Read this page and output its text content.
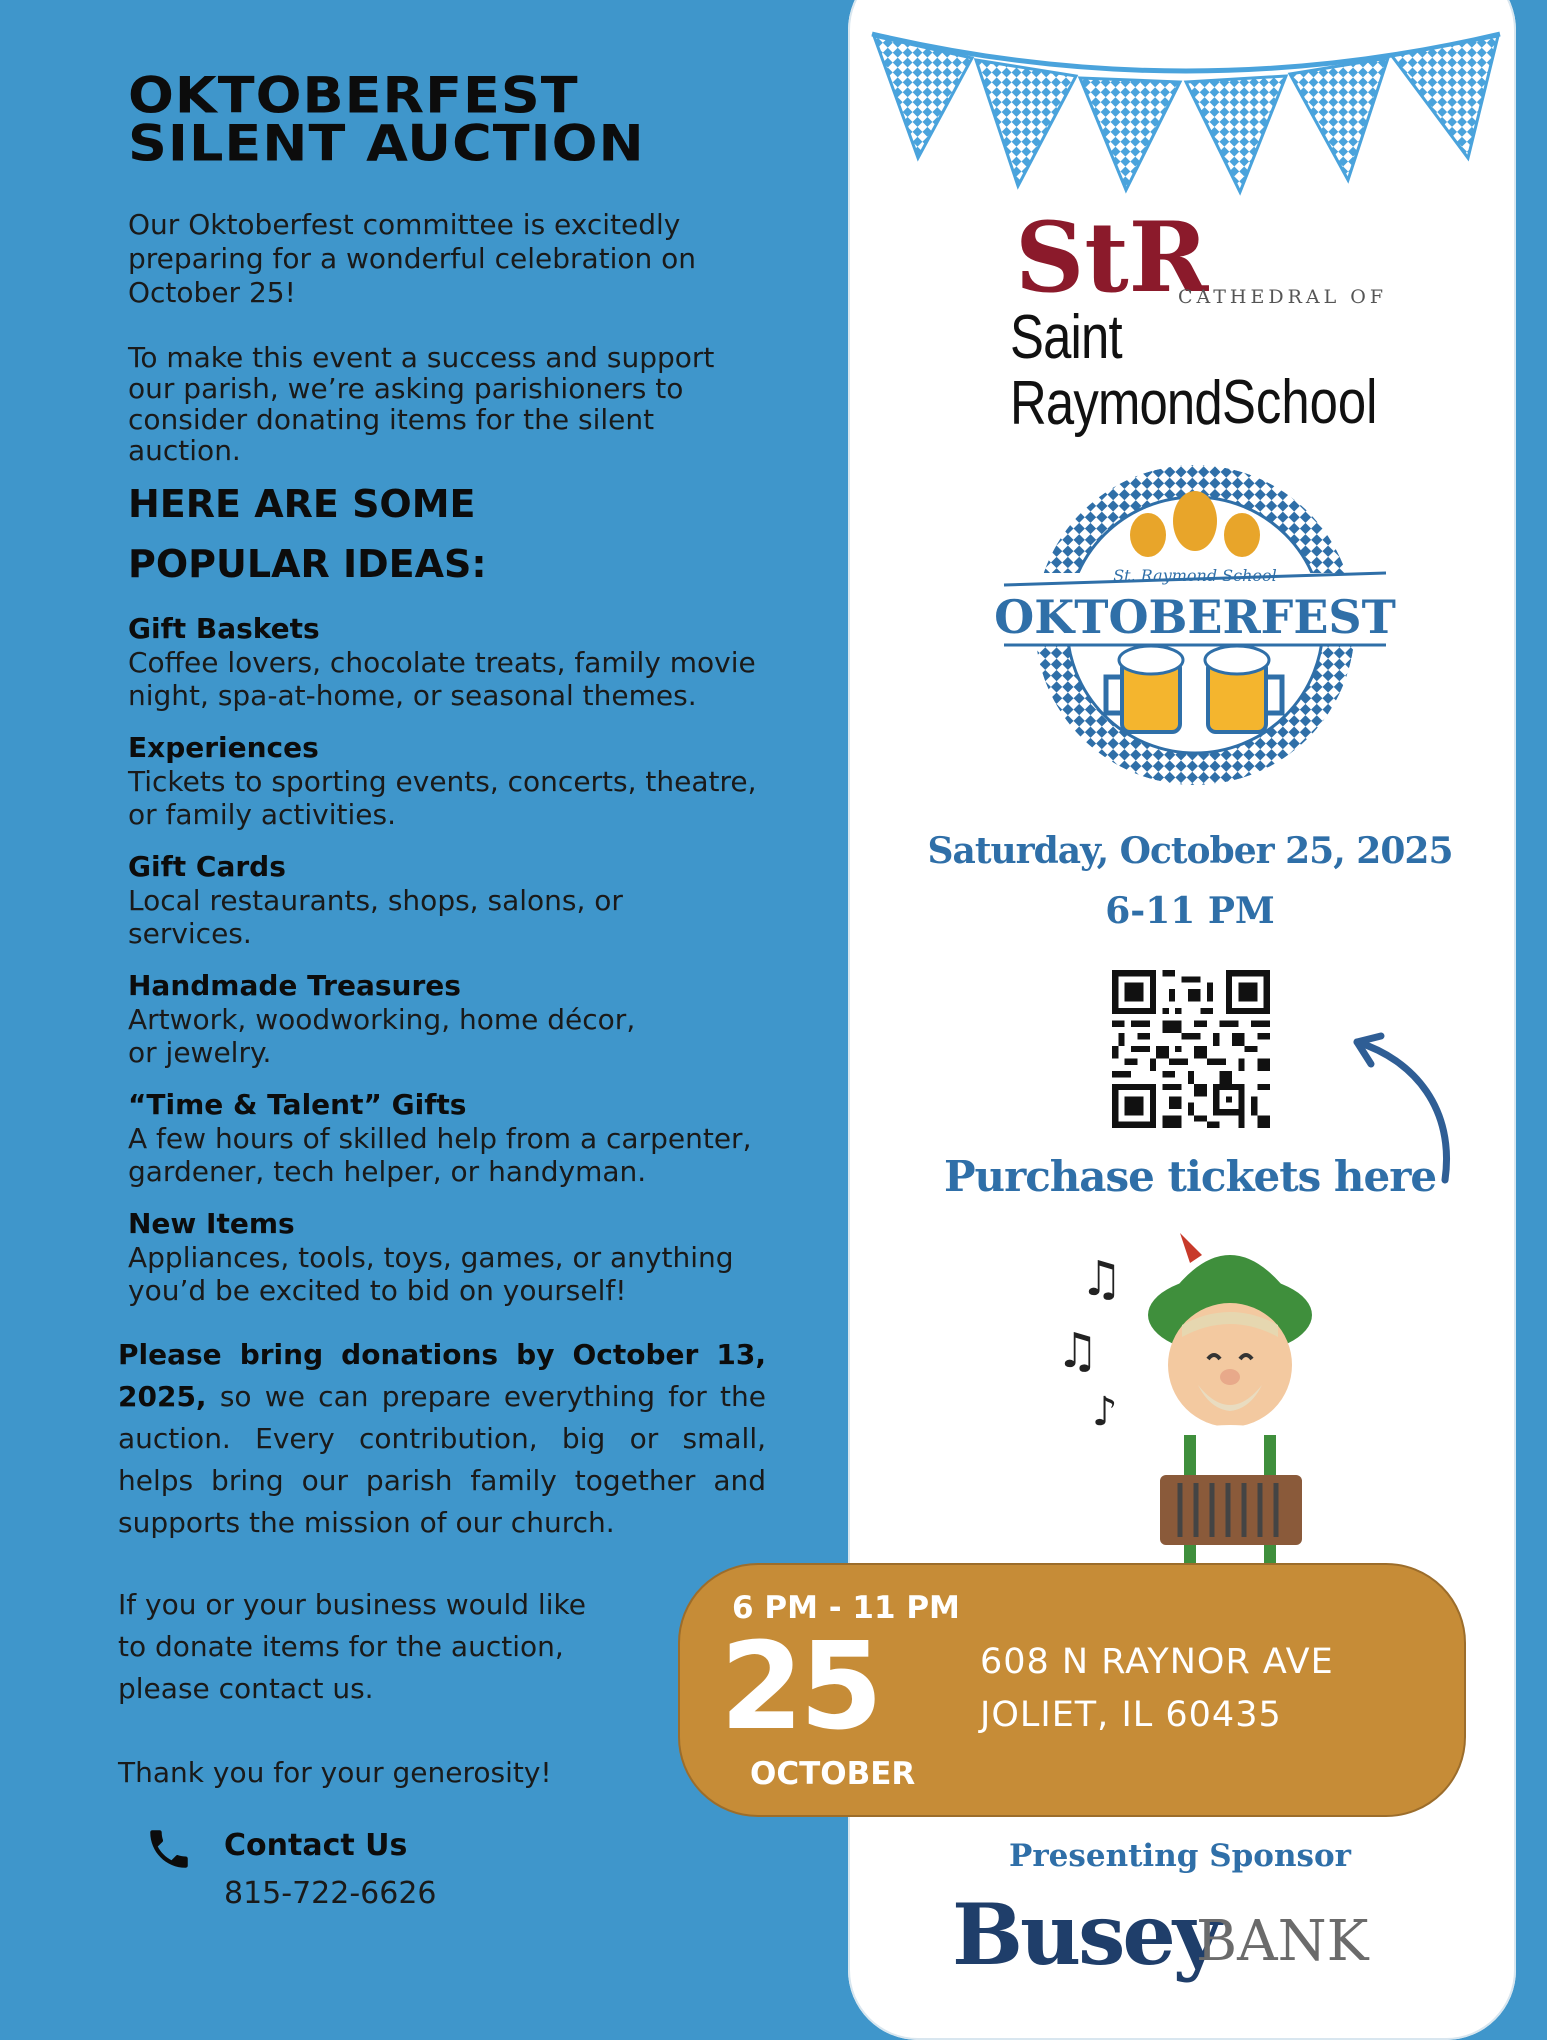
OKTOBERFEST
SILENT AUCTION
Our Oktoberfest committee is excitedly preparing for a wonderful celebration on October 25!
To make this event a success and support our parish, we’re asking parishioners to consider donating items for the silent auction.
HERE ARE SOME
POPULAR IDEAS:
Gift Baskets
Coffee lovers, chocolate treats, family movie night, spa-at-home, or seasonal themes.
Experiences
Tickets to sporting events, concerts, theatre, or family activities.
Gift Cards
Local restaurants, shops, salons, or services.
Handmade Treasures
Artwork, woodworking, home décor, or jewelry.
“Time & Talent” Gifts
A few hours of skilled help from a carpenter, gardener, tech helper, or handyman.
New Items
Appliances, tools, toys, games, or anything you’d be excited to bid on yourself!
Please bring donations by October 13, 2025, so we can prepare everything for the auction. Every contribution, big or small, helps bring our parish family together and supports the mission of our church.
If you or your business would like to donate items for the auction, please contact us.
Thank you for your generosity!
Contact Us
815-722-6626
StR
CATHEDRAL OF
Saint Raymond School
St. Raymond School
OKTOBERFEST
Saturday, October 25, 2025
6-11 PM
Purchase tickets here
♫
♫
♪
6 PM - 11 PM
25
OCTOBER
608 N RAYNOR AVE
JOLIET, IL 60435
Presenting Sponsor
Busey
BANK
